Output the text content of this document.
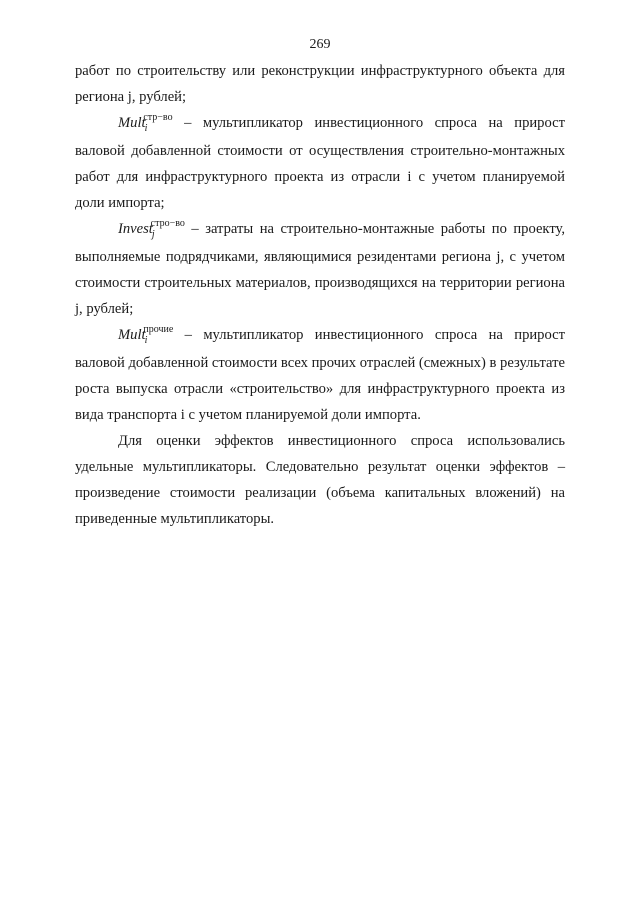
269

работ по строительству или реконструкции инфраструктурного объекта для региона j, рублей;

Mult$_i^{стр-во}$ – мультипликатор инвестиционного спроса на прирост валовой добавленной стоимости от осуществления строительно-монтажных работ для инфраструктурного проекта из отрасли i с учетом планируемой доли импорта;

Invest$_j^{стро-во}$ – затраты на строительно-монтажные работы по проекту, выполняемые подрядчиками, являющимися резидентами региона j, с учетом стоимости строительных материалов, производящихся на территории региона j, рублей;

Mult$_i^{прочие}$ – мультипликатор инвестиционного спроса на прирост валовой добавленной стоимости всех прочих отраслей (смежных) в результате роста выпуска отрасли «строительство» для инфраструктурного проекта из вида транспорта i с учетом планируемой доли импорта.

Для оценки эффектов инвестиционного спроса использовались удельные мультипликаторы. Следовательно результат оценки эффектов – произведение стоимости реализации (объема капитальных вложений) на приведенные мультипликаторы.
